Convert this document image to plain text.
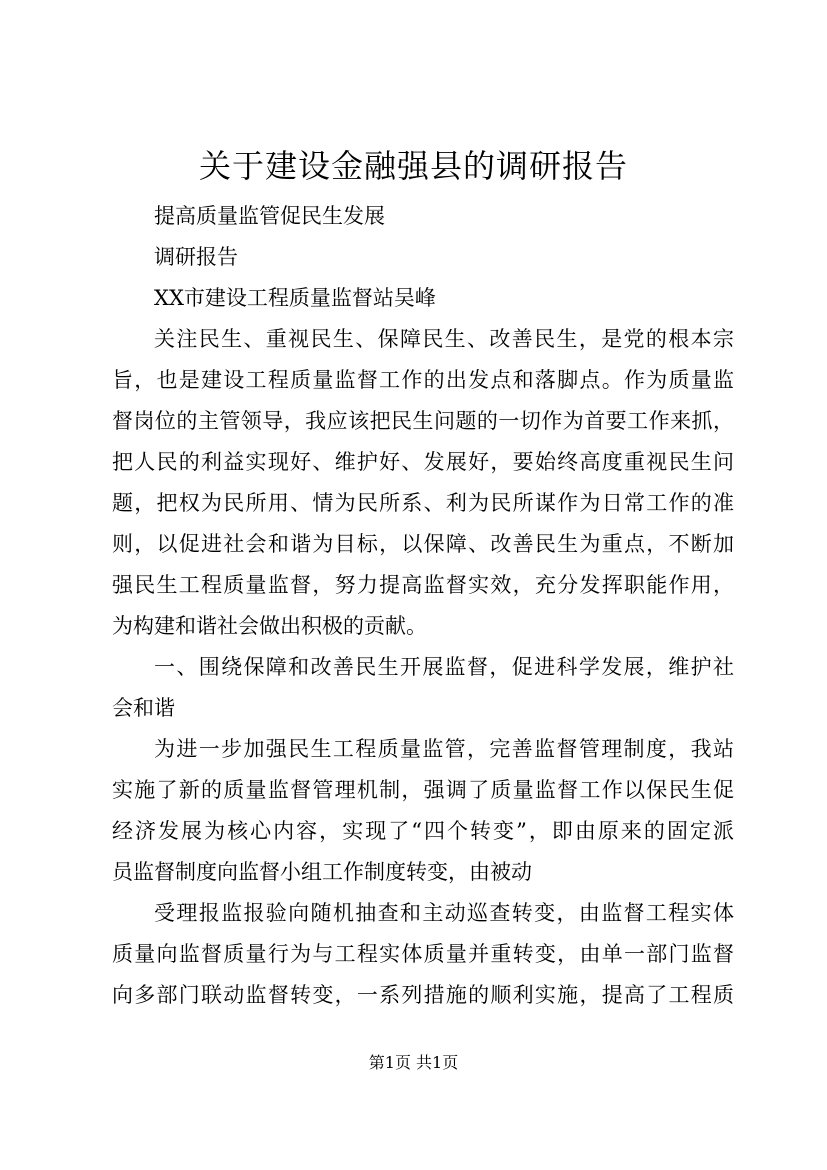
关于建设金融强县的调研报告

提高质量监管促民生发展

调研报告

XX市建设工程质量监督站吴峰

关注民生、重视民生、保障民生、改善民生，是党的根本宗

旨，也是建设工程质量监督工作的出发点和落脚点。作为质量监

督岗位的主管领导，我应该把民生问题的一切作为首要工作来抓，

把人民的利益实现好、维护好、发展好，要始终高度重视民生问

题，把权为民所用、情为民所系、利为民所谋作为日常工作的准

则，以促进社会和谐为目标，以保障、改善民生为重点，不断加

强民生工程质量监督，努力提高监督实效，充分发挥职能作用，

为构建和谐社会做出积极的贡献。

一、围绕保障和改善民生开展监督，促进科学发展，维护社

会和谐

为进一步加强民生工程质量监管，完善监督管理制度，我站

实施了新的质量监督管理机制，强调了质量监督工作以保民生促

经济发展为核心内容，实现了“四个转变”，即由原来的固定派

员监督制度向监督小组工作制度转变，由被动

受理报监报验向随机抽查和主动巡查转变，由监督工程实体

质量向监督质量行为与工程实体质量并重转变，由单一部门监督

向多部门联动监督转变，一系列措施的顺利实施，提高了工程质

第1页 共1页
